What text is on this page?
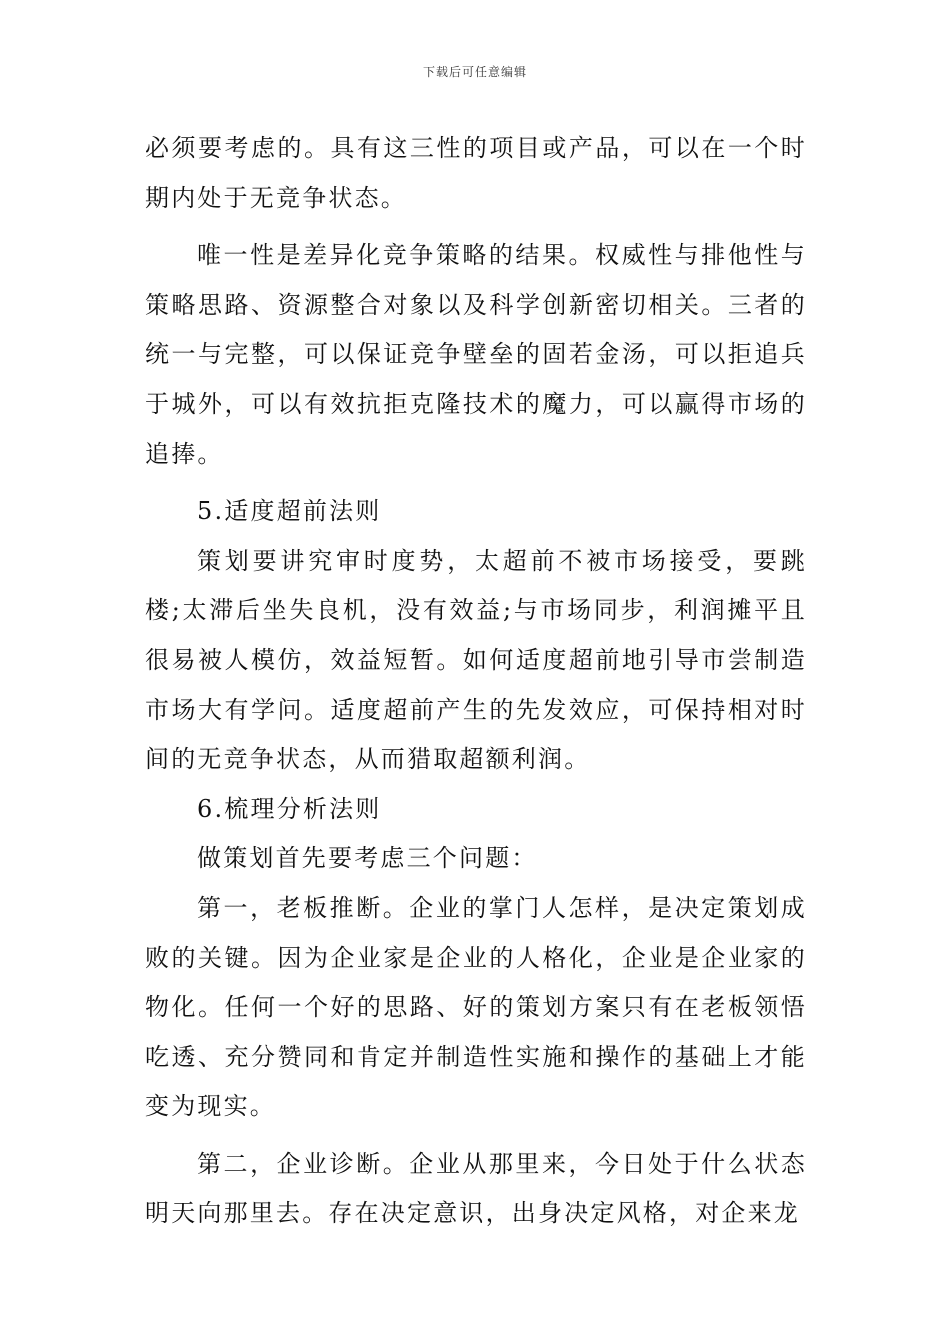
下载后可任意编辑

必须要考虑的。具有这三性的项目或产品，可以在一个时期内处于无竞争状态。

唯一性是差异化竞争策略的结果。权威性与排他性与策略思路、资源整合对象以及科学创新密切相关。三者的统一与完整，可以保证竞争壁垒的固若金汤，可以拒追兵于城外，可以有效抗拒克隆技术的魔力，可以赢得市场的追捧。

5.适度超前法则

策划要讲究审时度势，太超前不被市场接受，要跳楼;太滞后坐失良机，没有效益;与市场同步，利润摊平且很易被人模仿，效益短暂。如何适度超前地引导市尝制造市场大有学问。适度超前产生的先发效应，可保持相对时间的无竞争状态，从而猎取超额利润。

6.梳理分析法则

做策划首先要考虑三个问题：

第一，老板推断。企业的掌门人怎样，是决定策划成败的关键。因为企业家是企业的人格化，企业是企业家的物化。任何一个好的思路、好的策划方案只有在老板领悟吃透、充分赞同和肯定并制造性实施和操作的基础上才能变为现实。

第二，企业诊断。企业从那里来，今日处于什么状态明天向那里去。存在决定意识，出身决定风格，对企来龙
